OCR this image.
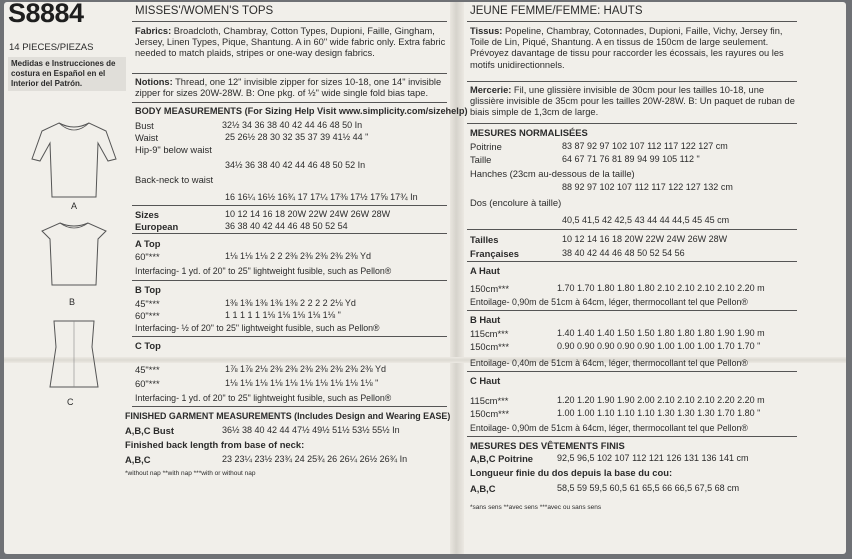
S8884
14 PIECES/PIEZAS
Medidas e Instrucciones de costura en Español en el Interior del Patrón.
MISSES'/WOMEN'S TOPS
Fabrics: Broadcloth, Chambray, Cotton Types, Dupioni, Faille, Gingham, Jersey, Linen Types, Pique, Shantung. A in 60" wide fabric only. Extra fabric needed to match plaids, stripes or one-way design fabrics.
Notions: Thread, one 12" invisible zipper for sizes 10-18, one 14" invisible zipper for sizes 20W-28W. B: One pkg. of ½" wide single fold bias tape.
BODY MEASUREMENTS (For Sizing Help Visit www.simplicity.com/sizehelp)
Bust	32½ 34 36 38 40 42 44 46 48 50 In
Waist	25 26½ 28 30 32 35 37 39 41½ 44 "
Hip-9" below waist
34½ 36 38 40 42 44 46 48 50 52 In
Back-neck to waist
16 16¼ 16½ 16¾ 17 17¼ 17⅜ 17½ 17⅝ 17¾ In
Sizes	10 12 14 16 18 20W 22W 24W 26W 28W
European	36 38 40 42 44 46 48 50 52 54
A Top
60"***	1⅛ 1⅛ 1⅛ 2 2 2⅜ 2⅜ 2⅜ 2⅜ 2⅜ Yd
Interfacing- 1 yd. of 20" to 25" lightweight fusible, such as Pellon®
B Top
45"***	1⅜ 1⅜ 1⅜ 1⅜ 1⅜ 2 2 2 2 2⅛ Yd
60"***	1 1 1 1 1 1⅛ 1⅛ 1⅛ 1⅛ 1⅛ "
Interfacing- ½ of 20" to 25" lightweight fusible, such as Pellon®
C Top
45"***	1⅞ 1⅞ 2⅛ 2⅜ 2⅜ 2⅜ 2⅜ 2⅜ 2⅜ 2⅜ Yd
60"***	1⅛ 1⅛ 1⅛ 1⅛ 1⅛ 1⅛ 1⅛ 1⅛ 1⅛ 1⅛ "
Interfacing- 1 yd. of 20" to 25" lightweight fusible, such as Pellon®
FINISHED GARMENT MEASUREMENTS (Includes Design and Wearing EASE)
A,B,C Bust	36½ 38 40 42 44 47½ 49½ 51½ 53½ 55½ In
Finished back length from base of neck:
A,B,C	23 23¼ 23½ 23¾ 24 25¾ 26 26¼ 26½ 26¾ In
*without nap **with nap ***with or without nap
A
B
C
JEUNE FEMME/FEMME: HAUTS
Tissus: Popeline, Chambray, Cotonnades, Dupioni, Faille, Vichy, Jersey fin, Toile de Lin, Piqué, Shantung. A en tissus de 150cm de large seulement. Prévoyez davantage de tissu pour raccorder les écossais, les rayures ou les motifs unidirectionnels.
Mercerie: Fil, une glissière invisible de 30cm pour les tailles 10-18, une glissière invisible de 35cm pour les tailles 20W-28W. B: Un paquet de ruban de biais simple de 1,3cm de large.
MESURES NORMALISÉES
Poitrine	83 87 92 97 102 107 112 117 122 127 cm
Taille	64 67 71 76 81 89 94 99 105 112 "
Hanches (23cm au-dessous de la taille)
88 92 97 102 107 112 117 122 127 132 cm
Dos (encolure à taille)
40,5 41,5 42 42,5 43 44 44 44,5 45 45 cm
Tailles	10 12 14 16 18 20W 22W 24W 26W 28W
Françaises	38 40 42 44 46 48 50 52 54 56
A Haut
150cm***	1.70 1.70 1.80 1.80 1.80 2.10 2.10 2.10 2.10 2.20 m
Entoilage- 0,90m de 51cm à 64cm, léger, thermocollant tel que Pellon®
B Haut
115cm***	1.40 1.40 1.40 1.50 1.50 1.80 1.80 1.80 1.90 1.90 m
150cm***	0.90 0.90 0.90 0.90 0.90 1.00 1.00 1.00 1.70 1.70 "
Entoilage- 0,40m de 51cm à 64cm, léger, thermocollant tel que Pellon®
C Haut
115cm***	1.20 1.20 1.90 1.90 2.00 2.10 2.10 2.10 2.20 2.20 m
150cm***	1.00 1.00 1.10 1.10 1.10 1.30 1.30 1.30 1.70 1.80 "
Entoilage- 0,90m de 51cm à 64cm, léger, thermocollant tel que Pellon®
MESURES DES VÊTEMENTS FINIS
A,B,C Poitrine	92,5 96,5 102 107 112 121 126 131 136 141 cm
Longueur finie du dos depuis la base du cou:
A,B,C	58,5 59 59,5 60,5 61 65,5 66 66,5 67,5 68 cm
*sans sens **avec sens ***avec ou sans sens
